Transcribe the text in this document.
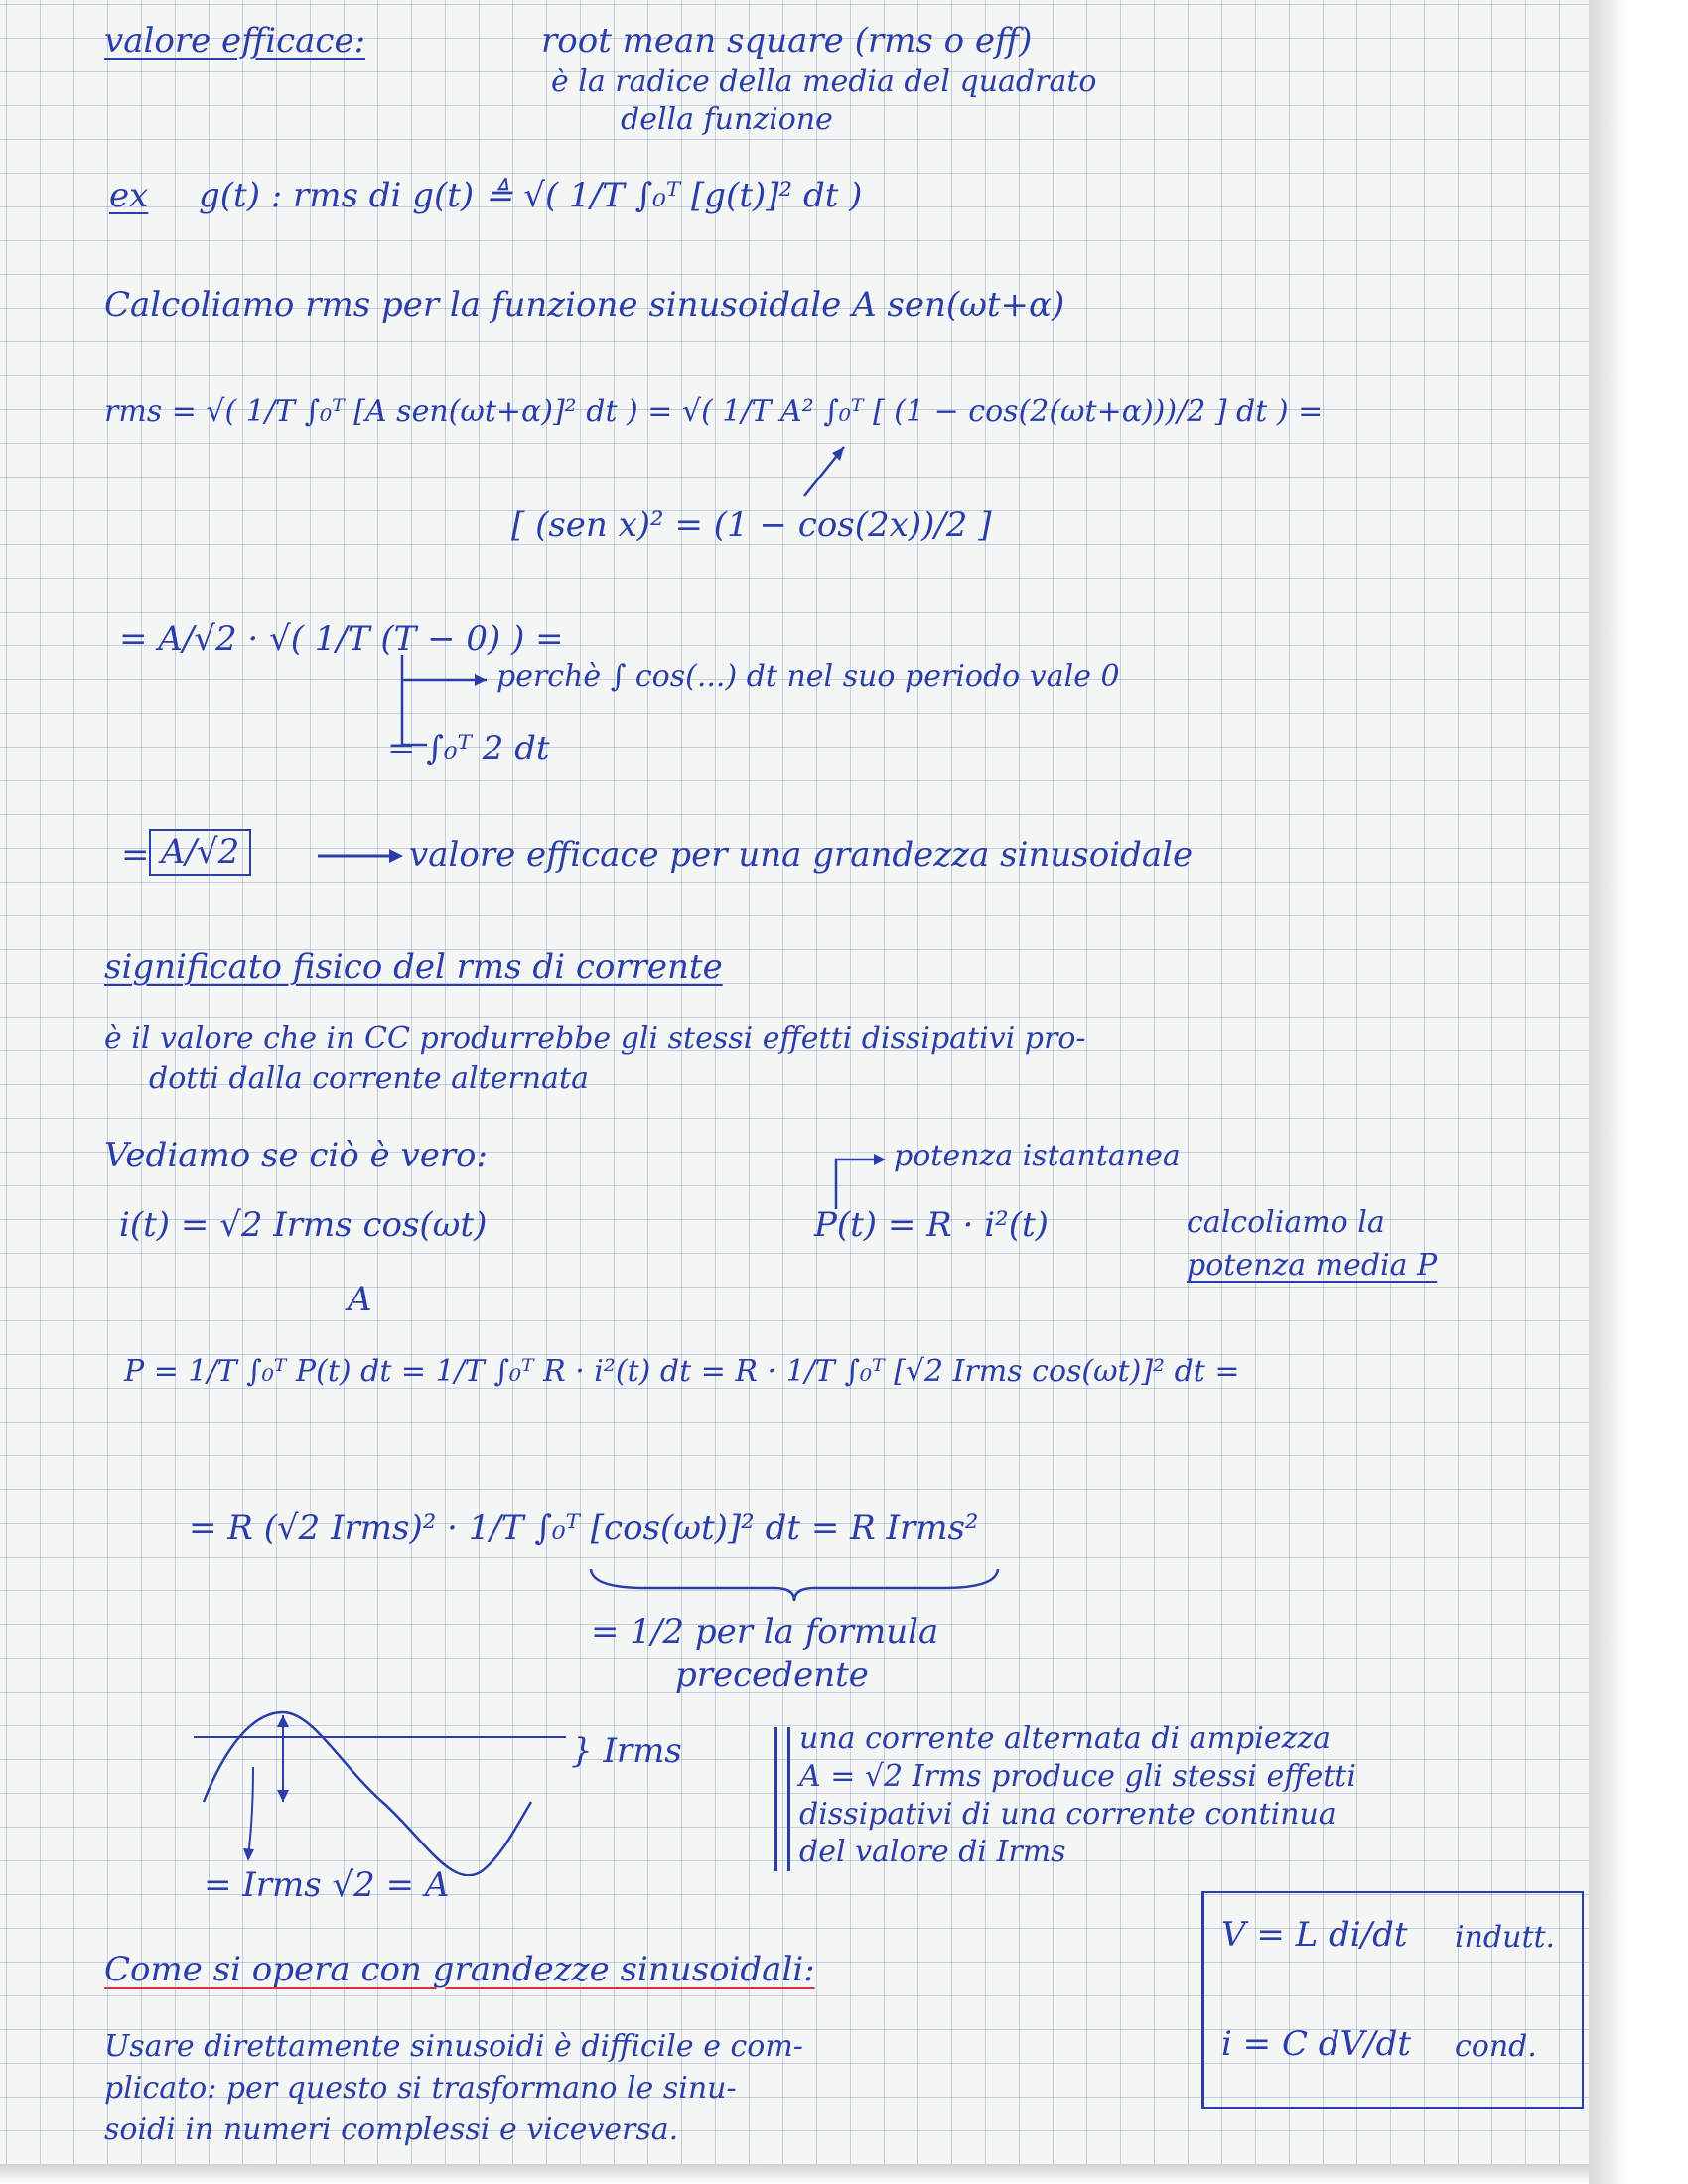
valore efficace:	root mean square (rms o eff)
è la radice della media del quadrato
della funzione
ex g(t) : rms di g(t) ≜ √( 1/T ∫₀ᵀ [g(t)]² dt )
Calcoliamo rms per la funzione sinusoidale A sen(ωt+α)
rms = √( 1/T ∫₀ᵀ [A sen(ωt+α)]² dt ) = √( 1/T A² ∫₀ᵀ [ (1 − cos(2(ωt+α)))/2 ] dt ) =
[ (sen x)² = (1 − cos(2x))/2 ]
= A/√2 · √( 1/T (T − 0) ) =
perchè ∫ cos(...) dt nel suo periodo vale 0
= ∫₀ᵀ 2 dt
= A/√2	valore efficace per una grandezza sinusoidale
significato fisico del rms di corrente
è il valore che in CC produrrebbe gli stessi effetti dissipativi pro-
dotti dalla corrente alternata
Vediamo se ciò è vero:	potenza istantanea
i(t) = √2 Irms cos(ωt)	P(t) = R · i²(t)	calcoliamo la
potenza media P
A
P = 1/T ∫₀ᵀ P(t) dt = 1/T ∫₀ᵀ R · i²(t) dt = R · 1/T ∫₀ᵀ [√2 Irms cos(ωt)]² dt =
= R (√2 Irms)² · 1/T ∫₀ᵀ [cos(ωt)]² dt = R Irms²
= 1/2 per la formula
precedente
} Irms	una corrente alternata di ampiezza
A = √2 Irms produce gli stessi effetti
dissipativi di una corrente continua
del valore di Irms
= Irms √2 = A
Come si opera con grandezze sinusoidali:
Usare direttamente sinusoidi è difficile e com-
plicato: per questo si trasformano le sinu-
soidi in numeri complessi e viceversa.
V = L di/dt indutt.
i = C dV/dt cond.
